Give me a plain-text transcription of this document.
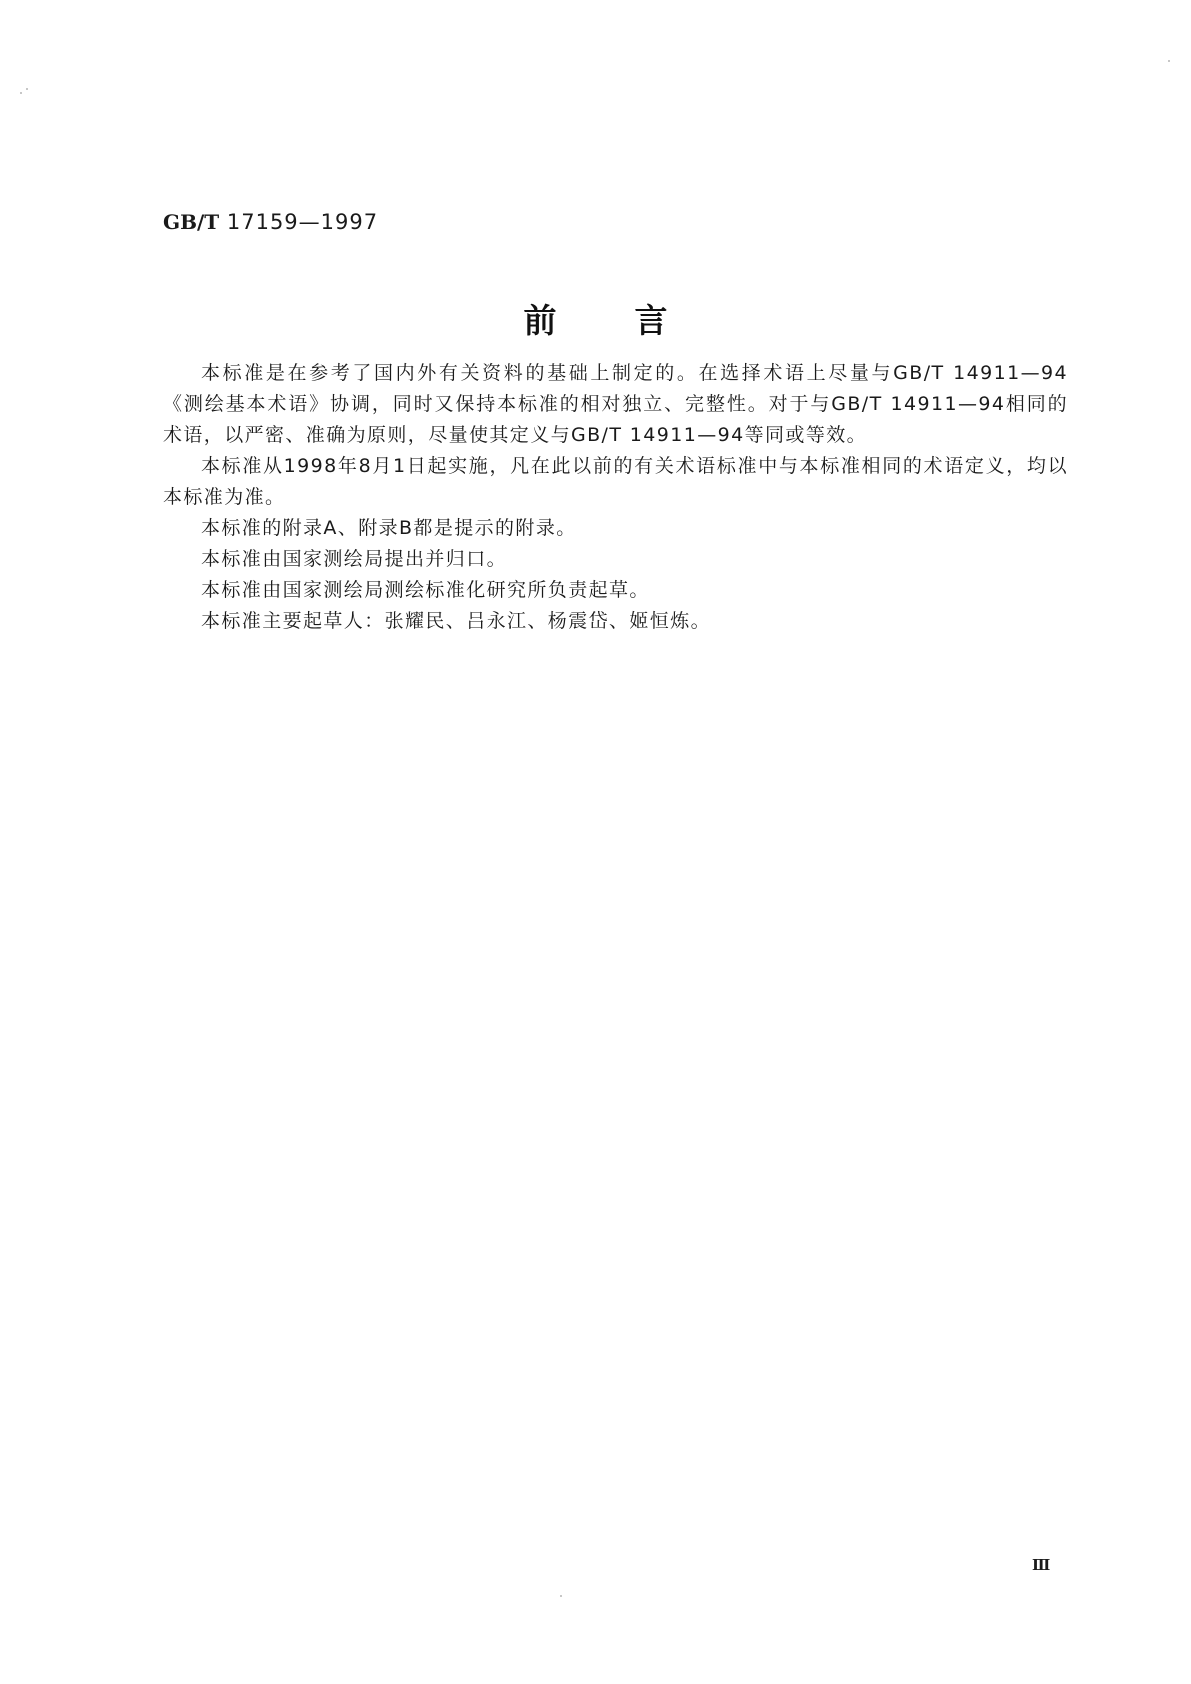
GB/T 17159—1997
前言

本标准是在参考了国内外有关资料的基础上制定的。在选择术语上尽量与GB/T 14911—94《测绘基本术语》协调，同时又保持本标准的相对独立、完整性。对于与GB/T 14911—94相同的术语，以严密、准确为原则，尽量使其定义与GB/T 14911—94等同或等效。

本标准从1998年8月1日起实施，凡在此以前的有关术语标准中与本标准相同的术语定义，均以本标准为准。

本标准的附录A、附录B都是提示的附录。

本标准由国家测绘局提出并归口。

本标准由国家测绘局测绘标准化研究所负责起草。

本标准主要起草人：张耀民、吕永江、杨震岱、姬恒炼。

Ⅲ
